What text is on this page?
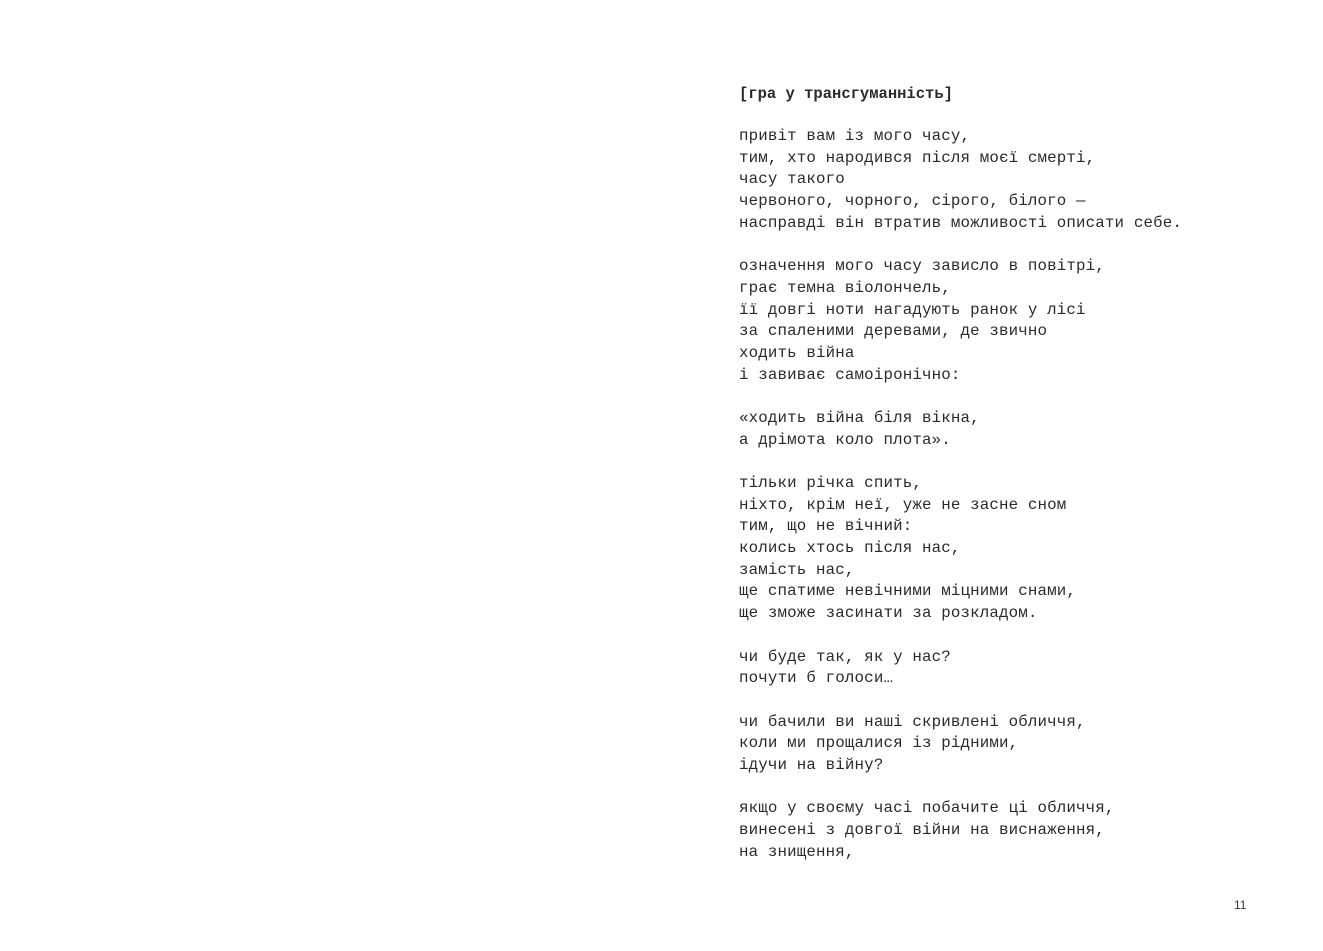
[гра у трансгуманність]
привіт вам із мого часу,
тим, хто народився після моєї смерті,
часу такого
червоного, чорного, сірого, білого —
насправді він втратив можливості описати себе.
означення мого часу зависло в повітрі,
грає темна віолончель,
її довгі ноти нагадують ранок у лісі
за спаленими деревами, де звично
ходить війна
і завиває самоіронічно:
«ходить війна біля вікна,
а дрімота коло плота».
тільки річка спить,
ніхто, крім неї, уже не засне сном
тим, що не вічний:
колись хтось після нас,
замість нас,
ще спатиме невічними міцними снами,
ще зможе засинати за розкладом.
чи буде так, як у нас?
почути б голоси…
чи бачили ви наші скривлені обличчя,
коли ми прощалися із рідними,
ідучи на війну?
якщо у своєму часі побачите ці обличчя,
винесені з довгої війни на виснаження,
на знищення,
11
